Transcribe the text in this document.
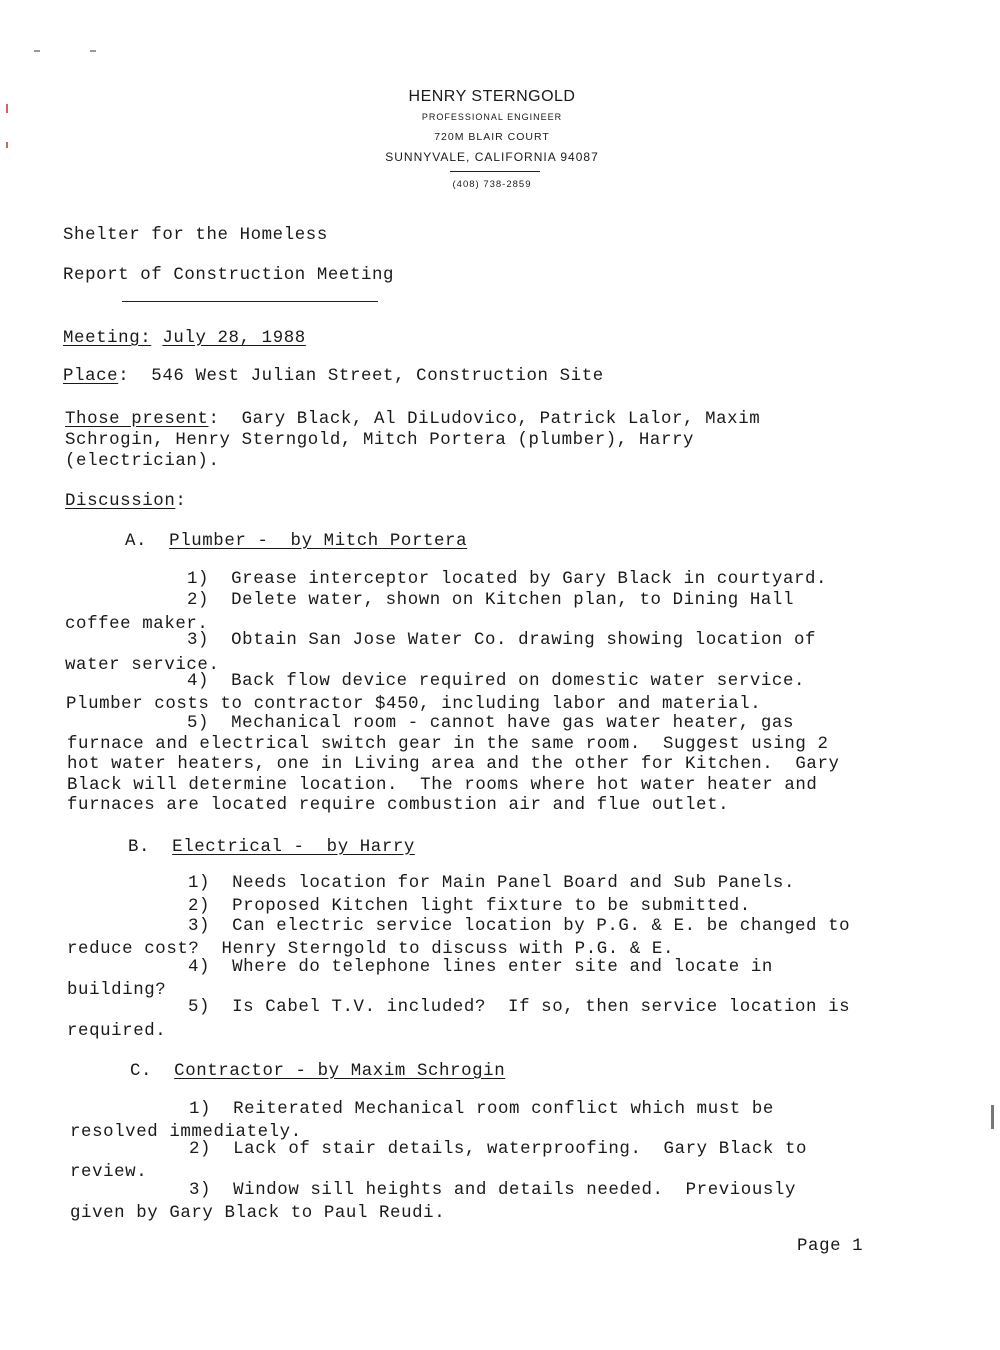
HENRY STERNGOLD
PROFESSIONAL ENGINEER
720M BLAIR COURT
SUNNYVALE, CALIFORNIA 94087
(408) 738-2859
Shelter for the Homeless
Report of Construction Meeting
Meeting: July 28, 1988
Place:  546 West Julian Street, Construction Site
Those present:  Gary Black, Al DiLudovico, Patrick Lalor, Maxim
Schrogin, Henry Sterngold, Mitch Portera (plumber), Harry
(electrician).
Discussion:
A. Plumber -  by Mitch Portera
1)  Grease interceptor located by Gary Black in courtyard.
2)  Delete water, shown on Kitchen plan, to Dining Hall
coffee maker.
3)  Obtain San Jose Water Co. drawing showing location of
water service.
4)  Back flow device required on domestic water service.
Plumber costs to contractor $450, including labor and material.
5)  Mechanical room - cannot have gas water heater, gas
furnace and electrical switch gear in the same room.  Suggest using 2
hot water heaters, one in Living area and the other for Kitchen.  Gary
Black will determine location.  The rooms where hot water heater and
furnaces are located require combustion air and flue outlet.
B. Electrical -  by Harry
1)  Needs location for Main Panel Board and Sub Panels.
2)  Proposed Kitchen light fixture to be submitted.
3)  Can electric service location by P.G. & E. be changed to
reduce cost?  Henry Sterngold to discuss with P.G. & E.
4)  Where do telephone lines enter site and locate in
building?
5)  Is Cabel T.V. included?  If so, then service location is
required.
C. Contractor - by Maxim Schrogin
1)  Reiterated Mechanical room conflict which must be
resolved immediately.
2)  Lack of stair details, waterproofing.  Gary Black to
review.
3)  Window sill heights and details needed.  Previously
given by Gary Black to Paul Reudi.
Page 1
